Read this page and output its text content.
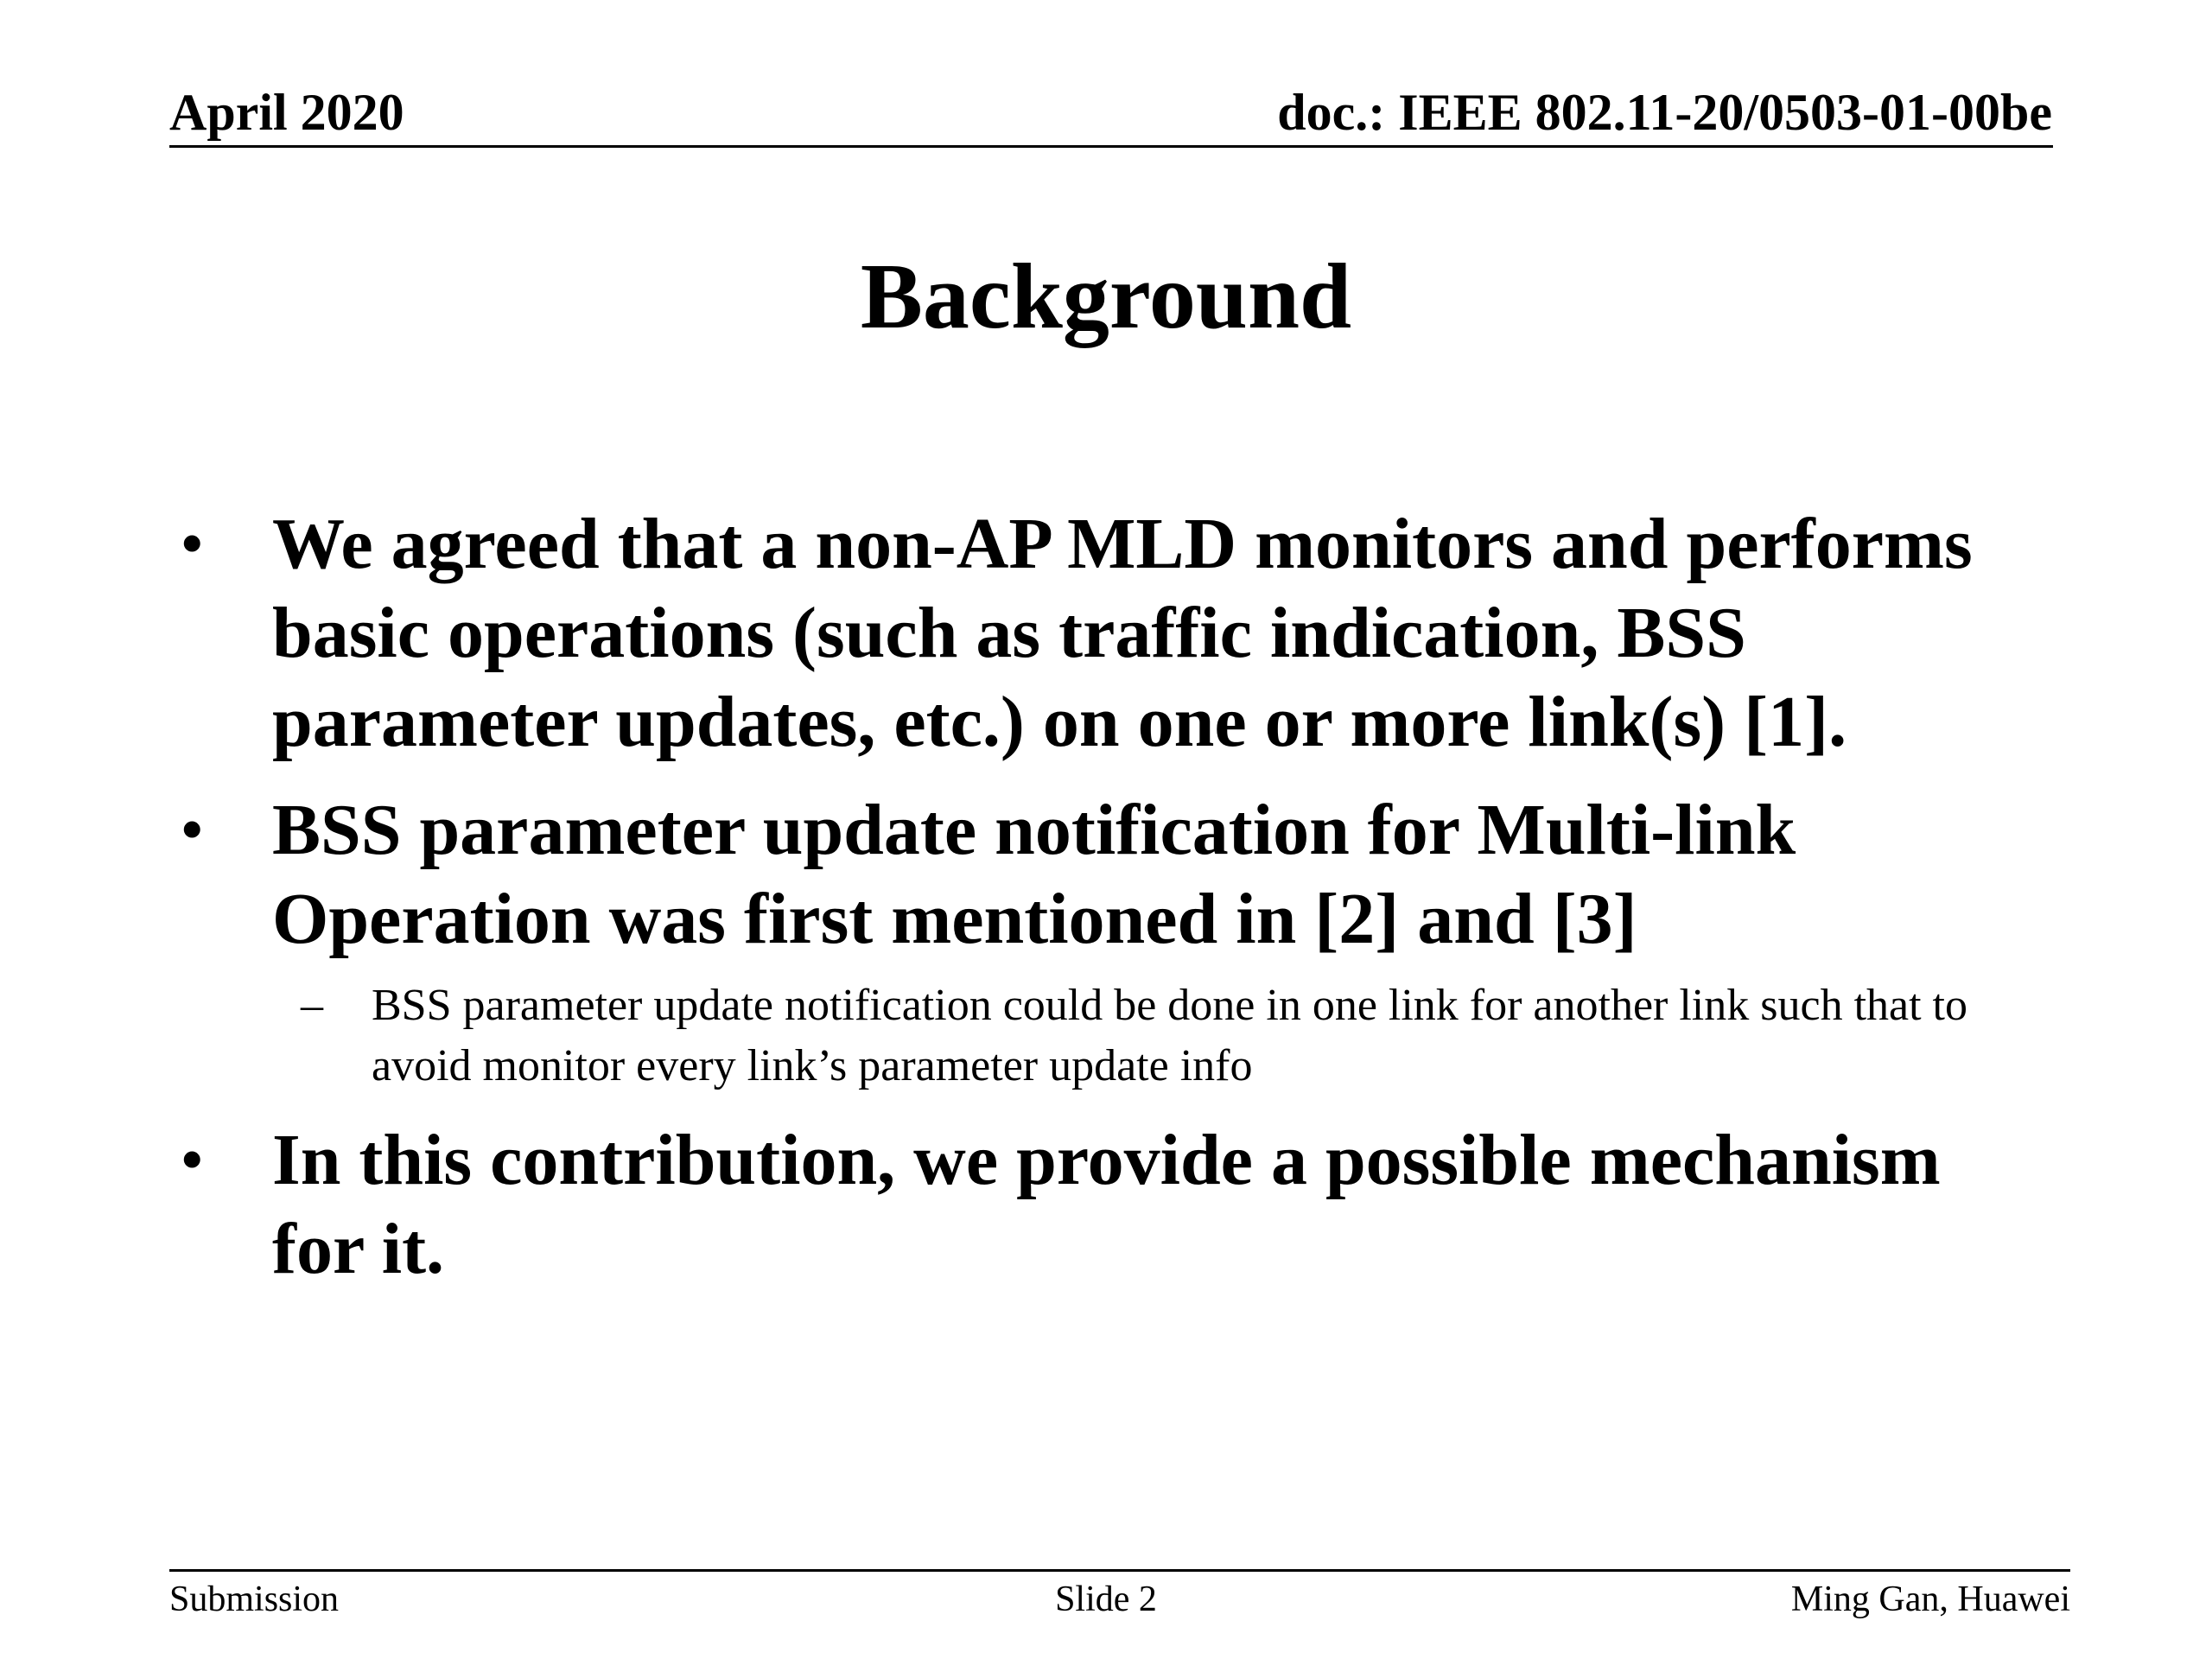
April 2020	doc.: IEEE 802.11-20/0503-01-00be
Background
• We agreed that a non-AP MLD monitors and performs basic operations (such as traffic indication, BSS parameter updates, etc.) on one or more link(s) [1].
• BSS parameter update notification for Multi-link Operation was first mentioned in [2] and [3]
– BSS parameter update notification could be done in one link for another link such that to avoid monitor every link’s parameter update info
• In this contribution, we provide a possible mechanism for it.
Submission	Slide 2	Ming Gan, Huawei
